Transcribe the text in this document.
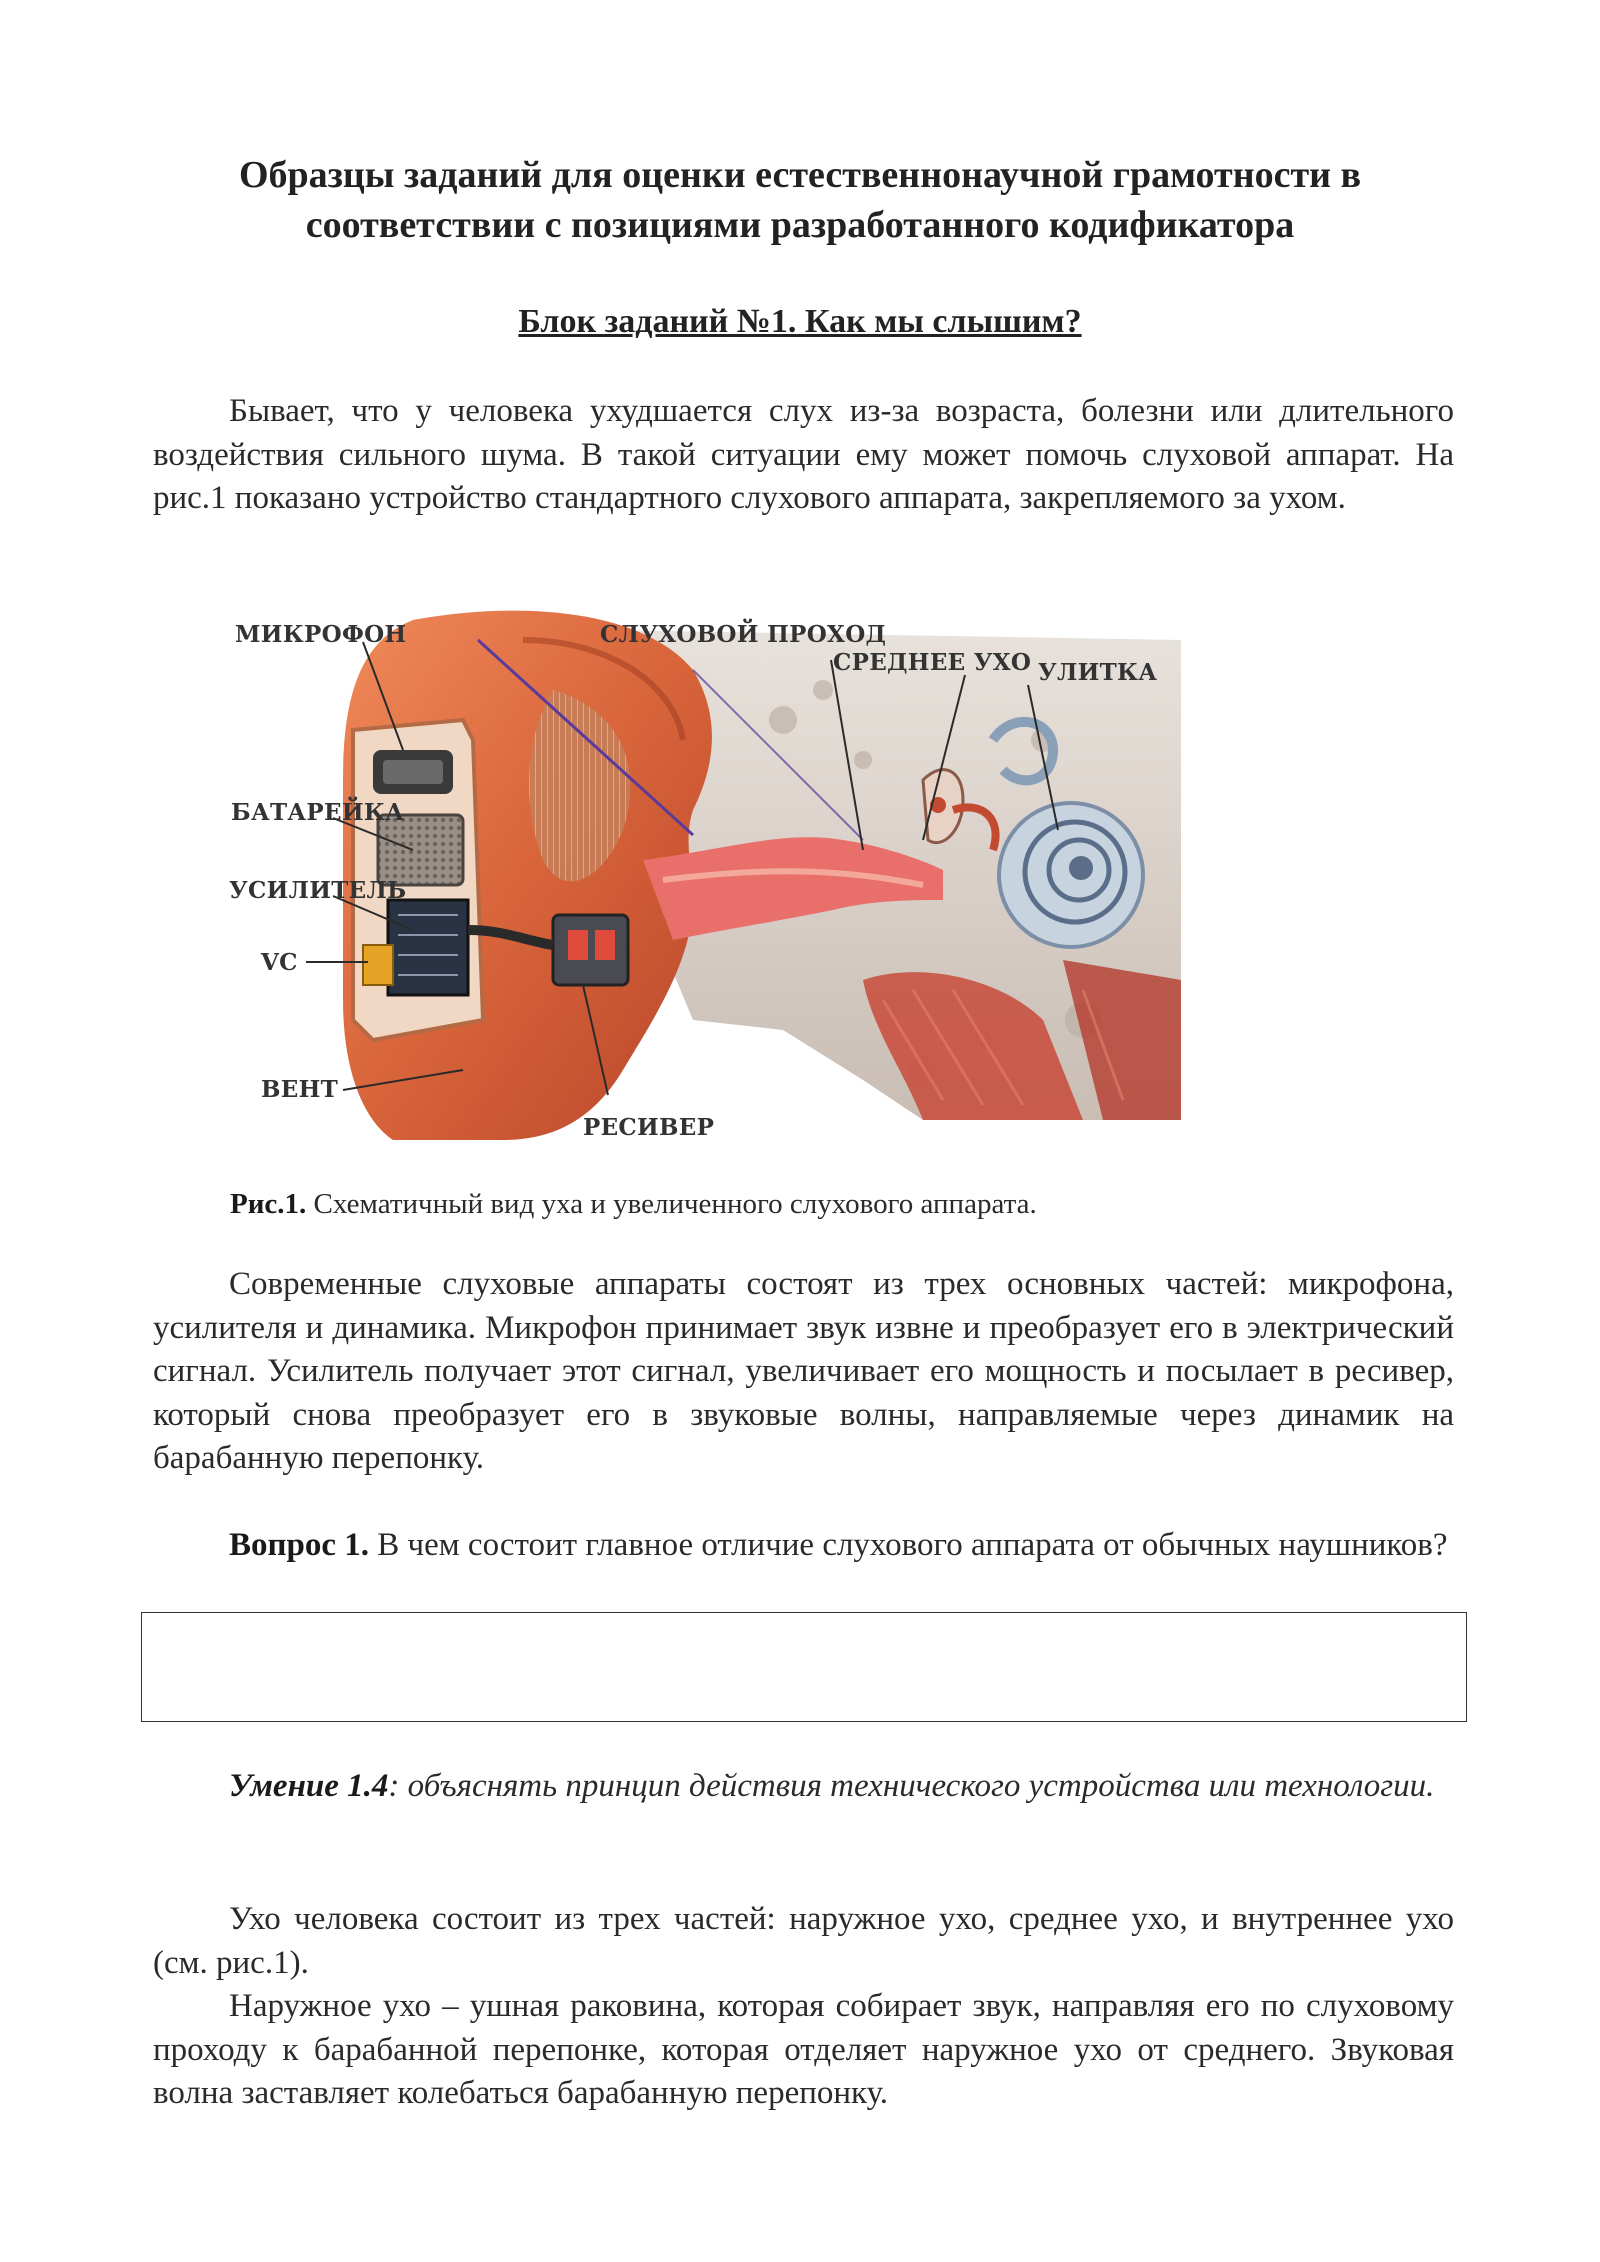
Образцы заданий для оценки естественнонаучной грамотности в
соответствии с позициями разработанного кодификатора
Блок заданий №1. Как мы слышим?

Бывает, что у человека ухудшается слух из-за возраста, болезни или длительного воздействия сильного шума. В такой ситуации ему может помочь слуховой аппарат. На рис.1 показано устройство стандартного слухового аппарата, закрепляемого за ухом.

МИКРОФОН	СЛУХОВОЙ ПРОХОД
СРЕДНЕЕ УХО УЛИТКА
БАТАРЕЙКА
УСИЛИТЕЛЬ
VC
ВЕНТ
РЕСИВЕР
Рис.1. Схематичный вид уха и увеличенного слухового аппарата.

Современные слуховые аппараты состоят из трех основных частей: микрофона, усилителя и динамика. Микрофон принимает звук извне и преобразует его в электрический сигнал. Усилитель получает этот сигнал, увеличивает его мощность и посылает в ресивер, который снова преобразует его в звуковые волны, направляемые через динамик на барабанную перепонку.

Вопрос 1. В чем состоит главное отличие слухового аппарата от обычных наушников?

Умение 1.4: объяснять принцип действия технического устройства или технологии.

Ухо человека состоит из трех частей: наружное ухо, среднее ухо, и внутреннее ухо (см. рис.1).

Наружное ухо – ушная раковина, которая собирает звук, направляя его по слуховому проходу к барабанной перепонке, которая отделяет наружное ухо от среднего. Звуковая волна заставляет колебаться барабанную перепонку.
